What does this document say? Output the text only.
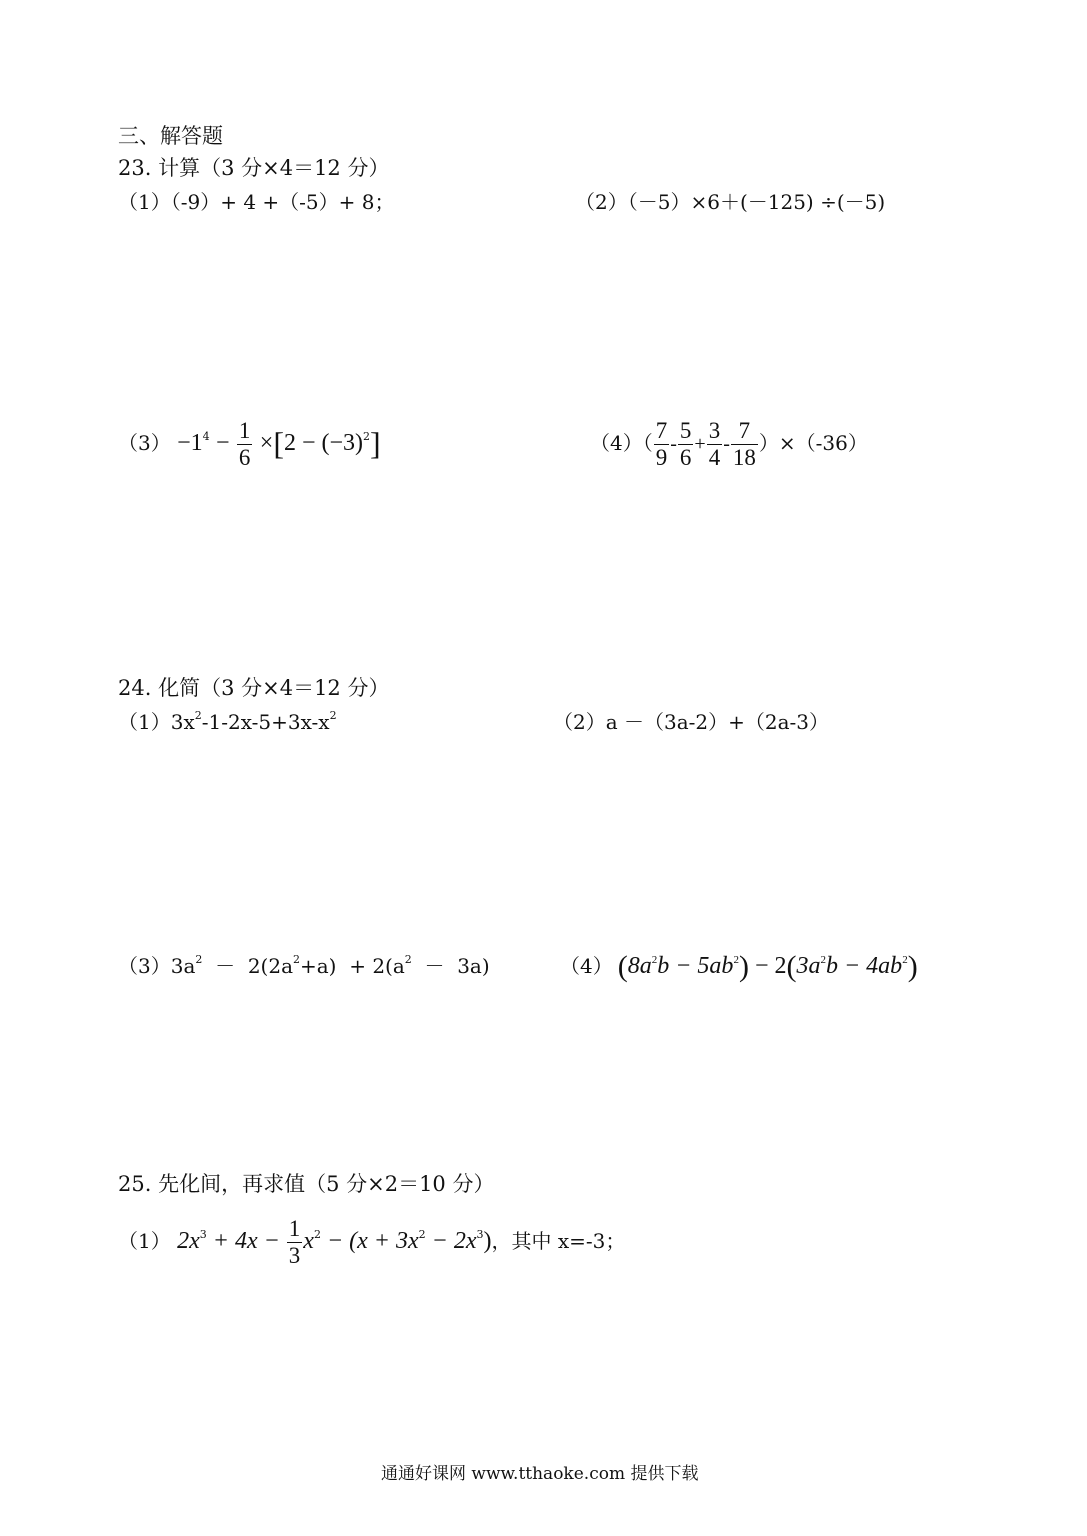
三、解答题
23. 计算（3 分×4＝12 分）
（1）（-9）+ 4 +（-5）+ 8；	（2）（－5）×6＋(－125) ÷(－5)
$(3) -1^4 - \frac{1}{6} \times[2 - (-3)^2]$	$(4)( \frac{7}{9} - \frac{5}{6} + \frac{3}{4} - \frac{7}{18} )\times(-36)$
24. 化简（3 分×4＝12 分）
$(1)3x^2-1-2x-5+3x-x^2$	（2）a －（3a-2）+（2a-3）
$(3)3a^2 - 2(2a^2+a) + 2(a^2 - 3a)$	（4） $(8a^2b - 5ab^2) - 2(3a^2b - 4ab^2)$
25. 先化间，再求值（5 分×2＝10 分）
（1） $2x^3 + 4x - \frac{1}{3} x^2 - (x + 3x^2 - 2x^3)$，其中 x=-3；
通通好课网 www.tthaoke.com 提供下载
